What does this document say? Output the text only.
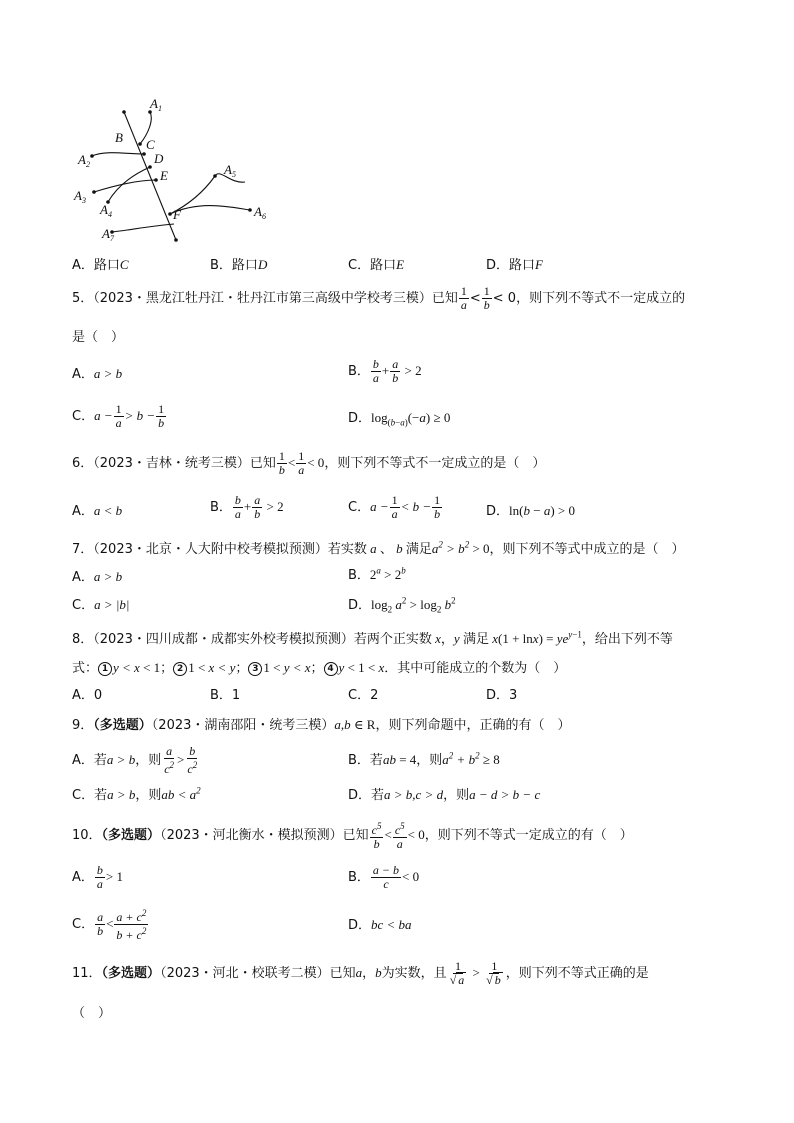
$A_1$
B C
D
$A_2$
E	$A_5$
$A_3$
$A_4$	F	$A_6$
$A_7$
A．路口C	B．路口D	C．路口E	D．路口F
5．（2023・黑龙江牡丹江・牡丹江市第三高级中学校考三模）已知 $\frac{1}{a} < \frac{1}{b} < 0$，则下列不等式不一定成立的
是（　）
A．a > b	B． $\frac{b}{a} + \frac{a}{b} > 2$
C．$a - \frac{1}{a} > b - \frac{1}{b}$	D．$\log_{(b-a)}(-a) \ge 0$
6．（2023・吉林・统考三模）已知 $\frac{1}{b} < \frac{1}{a} < 0$，则下列不等式不一定成立的是（　）
A．a < b	B． $\frac{b}{a} + \frac{a}{b} > 2$	C．$a - \frac{1}{a} < b - \frac{1}{b}$	D．ln(b − a) > 0
7．（2023・北京・人大附中校考模拟预测）若实数 a 、 b 满足$a^2 > b^2 > 0$，则下列不等式中成立的是（　）
A．a > b	B．$2^a > 2^b$
C．a > |b|	D．$\log_2 a^2 > \log_2 b^2$
8．（2023・四川成都・成都实外校考模拟预测）若两个正实数 x，y 满足 $x(1 + \ln x) = ye^{y-1}$，给出下列不等
式： 1 y < x < 1； 2 1 < x < y； 3 1 < y < x； 4 y < 1 < x．其中可能成立的个数为（　）
A．0	B．1	C．2	D．3
9．（多选题）（2023・湖南邵阳・统考三模）a,b ∈ R，则下列命题中，正确的有（　）
A．若a > b，则 $\frac{a}{c^2} > \frac{b}{c^2}$	B．若ab = 4，则$a^2 + b^2 \ge 8$
C．若a > b，则ab < $a^2$	D．若a > b,c > d，则a − d > b − c
10．（多选题）（2023・河北衡水・模拟预测）已知 $\frac{c^5}{b} < \frac{c^5}{a} < 0$，则下列不等式一定成立的有（　）
A． $\frac{b}{a} > 1$	B． $\frac{a - b}{c} < 0$
C． $\frac{a}{b} < \frac{a + c^2}{b + c^2}$	D．bc < ba
11．（多选题）（2023・河北・校联考二模）已知a，b为实数，且 $\frac{1}{√ a} > \frac{1}{√ b}$ ，则下列不等式正确的是
（　）
